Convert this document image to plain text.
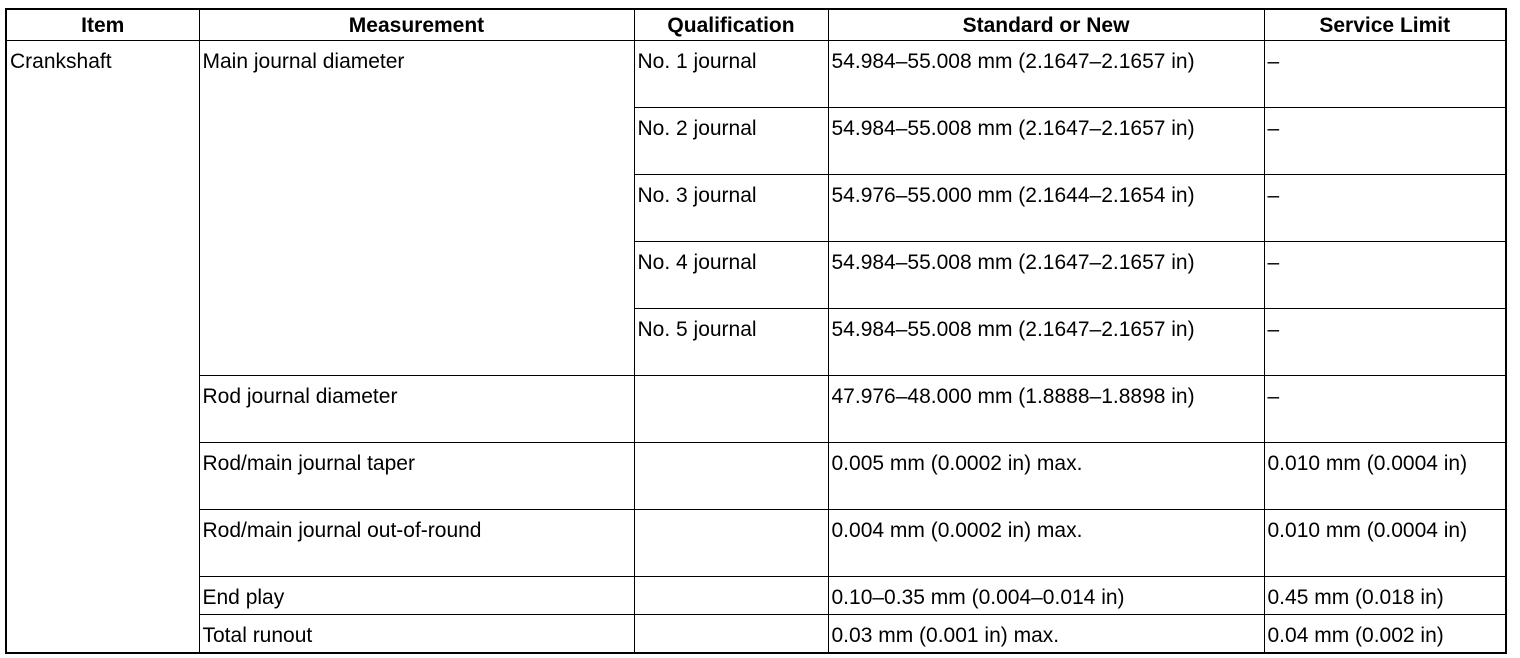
Item	Measurement	Qualification	Standard or New	Service Limit
Crankshaft	Main journal diameter	No. 1 journal	54.984–55.008 mm (2.1647–2.1657 in)	–
		No. 2 journal	54.984–55.008 mm (2.1647–2.1657 in)	–
		No. 3 journal	54.976–55.000 mm (2.1644–2.1654 in)	–
		No. 4 journal	54.984–55.008 mm (2.1647–2.1657 in)	–
		No. 5 journal	54.984–55.008 mm (2.1647–2.1657 in)	–
	Rod journal diameter		47.976–48.000 mm (1.8888–1.8898 in)	–
	Rod/main journal taper		0.005 mm (0.0002 in) max.	0.010 mm (0.0004 in)
	Rod/main journal out-of-round		0.004 mm (0.0002 in) max.	0.010 mm (0.0004 in)
	End play		0.10–0.35 mm (0.004–0.014 in)	0.45 mm (0.018 in)
	Total runout		0.03 mm (0.001 in) max.	0.04 mm (0.002 in)
